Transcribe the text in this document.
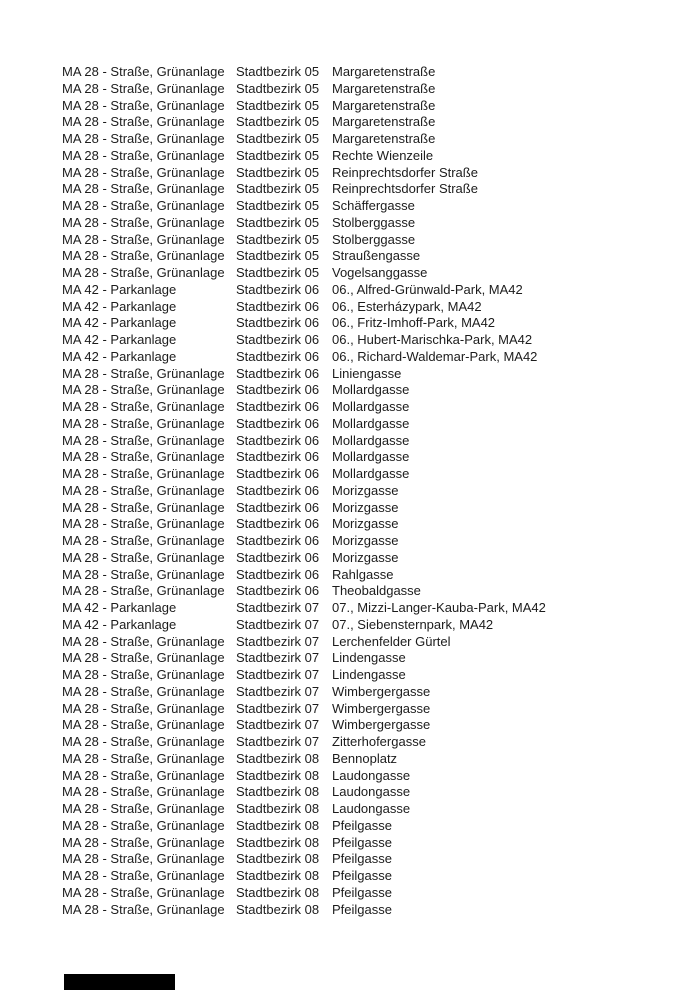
MA 28 - Straße, Grünanlage Stadtbezirk 05 Margaretenstraße
MA 28 - Straße, Grünanlage Stadtbezirk 05 Margaretenstraße
MA 28 - Straße, Grünanlage Stadtbezirk 05 Margaretenstraße
MA 28 - Straße, Grünanlage Stadtbezirk 05 Margaretenstraße
MA 28 - Straße, Grünanlage Stadtbezirk 05 Margaretenstraße
MA 28 - Straße, Grünanlage Stadtbezirk 05 Rechte Wienzeile
MA 28 - Straße, Grünanlage Stadtbezirk 05 Reinprechtsdorfer Straße
MA 28 - Straße, Grünanlage Stadtbezirk 05 Reinprechtsdorfer Straße
MA 28 - Straße, Grünanlage Stadtbezirk 05 Schäffergasse
MA 28 - Straße, Grünanlage Stadtbezirk 05 Stolberggasse
MA 28 - Straße, Grünanlage Stadtbezirk 05 Stolberggasse
MA 28 - Straße, Grünanlage Stadtbezirk 05 Straußengasse
MA 28 - Straße, Grünanlage Stadtbezirk 05 Vogelsanggasse
MA 42 - Parkanlage	Stadtbezirk 06 06., Alfred-Grünwald-Park, MA42
MA 42 - Parkanlage	Stadtbezirk 06 06., Esterházypark, MA42
MA 42 - Parkanlage	Stadtbezirk 06 06., Fritz-Imhoff-Park, MA42
MA 42 - Parkanlage	Stadtbezirk 06 06., Hubert-Marischka-Park, MA42
MA 42 - Parkanlage	Stadtbezirk 06 06., Richard-Waldemar-Park, MA42
MA 28 - Straße, Grünanlage Stadtbezirk 06 Liniengasse
MA 28 - Straße, Grünanlage Stadtbezirk 06 Mollardgasse
MA 28 - Straße, Grünanlage Stadtbezirk 06 Mollardgasse
MA 28 - Straße, Grünanlage Stadtbezirk 06 Mollardgasse
MA 28 - Straße, Grünanlage Stadtbezirk 06 Mollardgasse
MA 28 - Straße, Grünanlage Stadtbezirk 06 Mollardgasse
MA 28 - Straße, Grünanlage Stadtbezirk 06 Mollardgasse
MA 28 - Straße, Grünanlage Stadtbezirk 06 Morizgasse
MA 28 - Straße, Grünanlage Stadtbezirk 06 Morizgasse
MA 28 - Straße, Grünanlage Stadtbezirk 06 Morizgasse
MA 28 - Straße, Grünanlage Stadtbezirk 06 Morizgasse
MA 28 - Straße, Grünanlage Stadtbezirk 06 Morizgasse
MA 28 - Straße, Grünanlage Stadtbezirk 06 Rahlgasse
MA 28 - Straße, Grünanlage Stadtbezirk 06 Theobaldgasse
MA 42 - Parkanlage	Stadtbezirk 07 07., Mizzi-Langer-Kauba-Park, MA42
MA 42 - Parkanlage	Stadtbezirk 07 07., Siebensternpark, MA42
MA 28 - Straße, Grünanlage Stadtbezirk 07 Lerchenfelder Gürtel
MA 28 - Straße, Grünanlage Stadtbezirk 07 Lindengasse
MA 28 - Straße, Grünanlage Stadtbezirk 07 Lindengasse
MA 28 - Straße, Grünanlage Stadtbezirk 07 Wimbergergasse
MA 28 - Straße, Grünanlage Stadtbezirk 07 Wimbergergasse
MA 28 - Straße, Grünanlage Stadtbezirk 07 Wimbergergasse
MA 28 - Straße, Grünanlage Stadtbezirk 07 Zitterhofergasse
MA 28 - Straße, Grünanlage Stadtbezirk 08 Bennoplatz
MA 28 - Straße, Grünanlage Stadtbezirk 08 Laudongasse
MA 28 - Straße, Grünanlage Stadtbezirk 08 Laudongasse
MA 28 - Straße, Grünanlage Stadtbezirk 08 Laudongasse
MA 28 - Straße, Grünanlage Stadtbezirk 08 Pfeilgasse
MA 28 - Straße, Grünanlage Stadtbezirk 08 Pfeilgasse
MA 28 - Straße, Grünanlage Stadtbezirk 08 Pfeilgasse
MA 28 - Straße, Grünanlage Stadtbezirk 08 Pfeilgasse
MA 28 - Straße, Grünanlage Stadtbezirk 08 Pfeilgasse
MA 28 - Straße, Grünanlage Stadtbezirk 08 Pfeilgasse
